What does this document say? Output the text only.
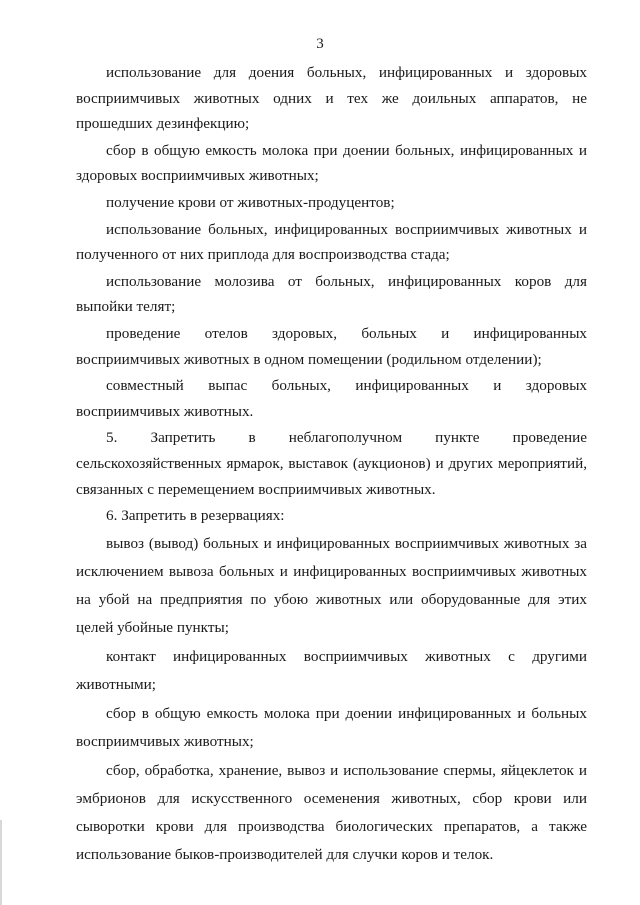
3

использование для доения больных, инфицированных и здоровых восприимчивых животных одних и тех же доильных аппаратов, не прошедших дезинфекцию;

сбор в общую емкость молока при доении больных, инфицированных и здоровых восприимчивых животных;

получение крови от животных-продуцентов;

использование больных, инфицированных восприимчивых животных и полученного от них приплода для воспроизводства стада;

использование молозива от больных, инфицированных коров для выпойки телят;

проведение отелов здоровых, больных и инфицированных восприимчивых животных в одном помещении (родильном отделении);

совместный выпас больных, инфицированных и здоровых восприимчивых животных.

5. Запретить в неблагополучном пункте проведение сельскохозяйственных ярмарок, выставок (аукционов) и других мероприятий, связанных с перемещением восприимчивых животных.

6. Запретить в резервациях:

вывоз (вывод) больных и инфицированных восприимчивых животных за исключением вывоза больных и инфицированных восприимчивых животных на убой на предприятия по убою животных или оборудованные для этих целей убойные пункты;

контакт инфицированных восприимчивых животных с другими животными;

сбор в общую емкость молока при доении инфицированных и больных восприимчивых животных;

сбор, обработка, хранение, вывоз и использование спермы, яйцеклеток и эмбрионов для искусственного осеменения животных, сбор крови или сыворотки крови для производства биологических препаратов, а также использование быков-производителей для случки коров и телок.
